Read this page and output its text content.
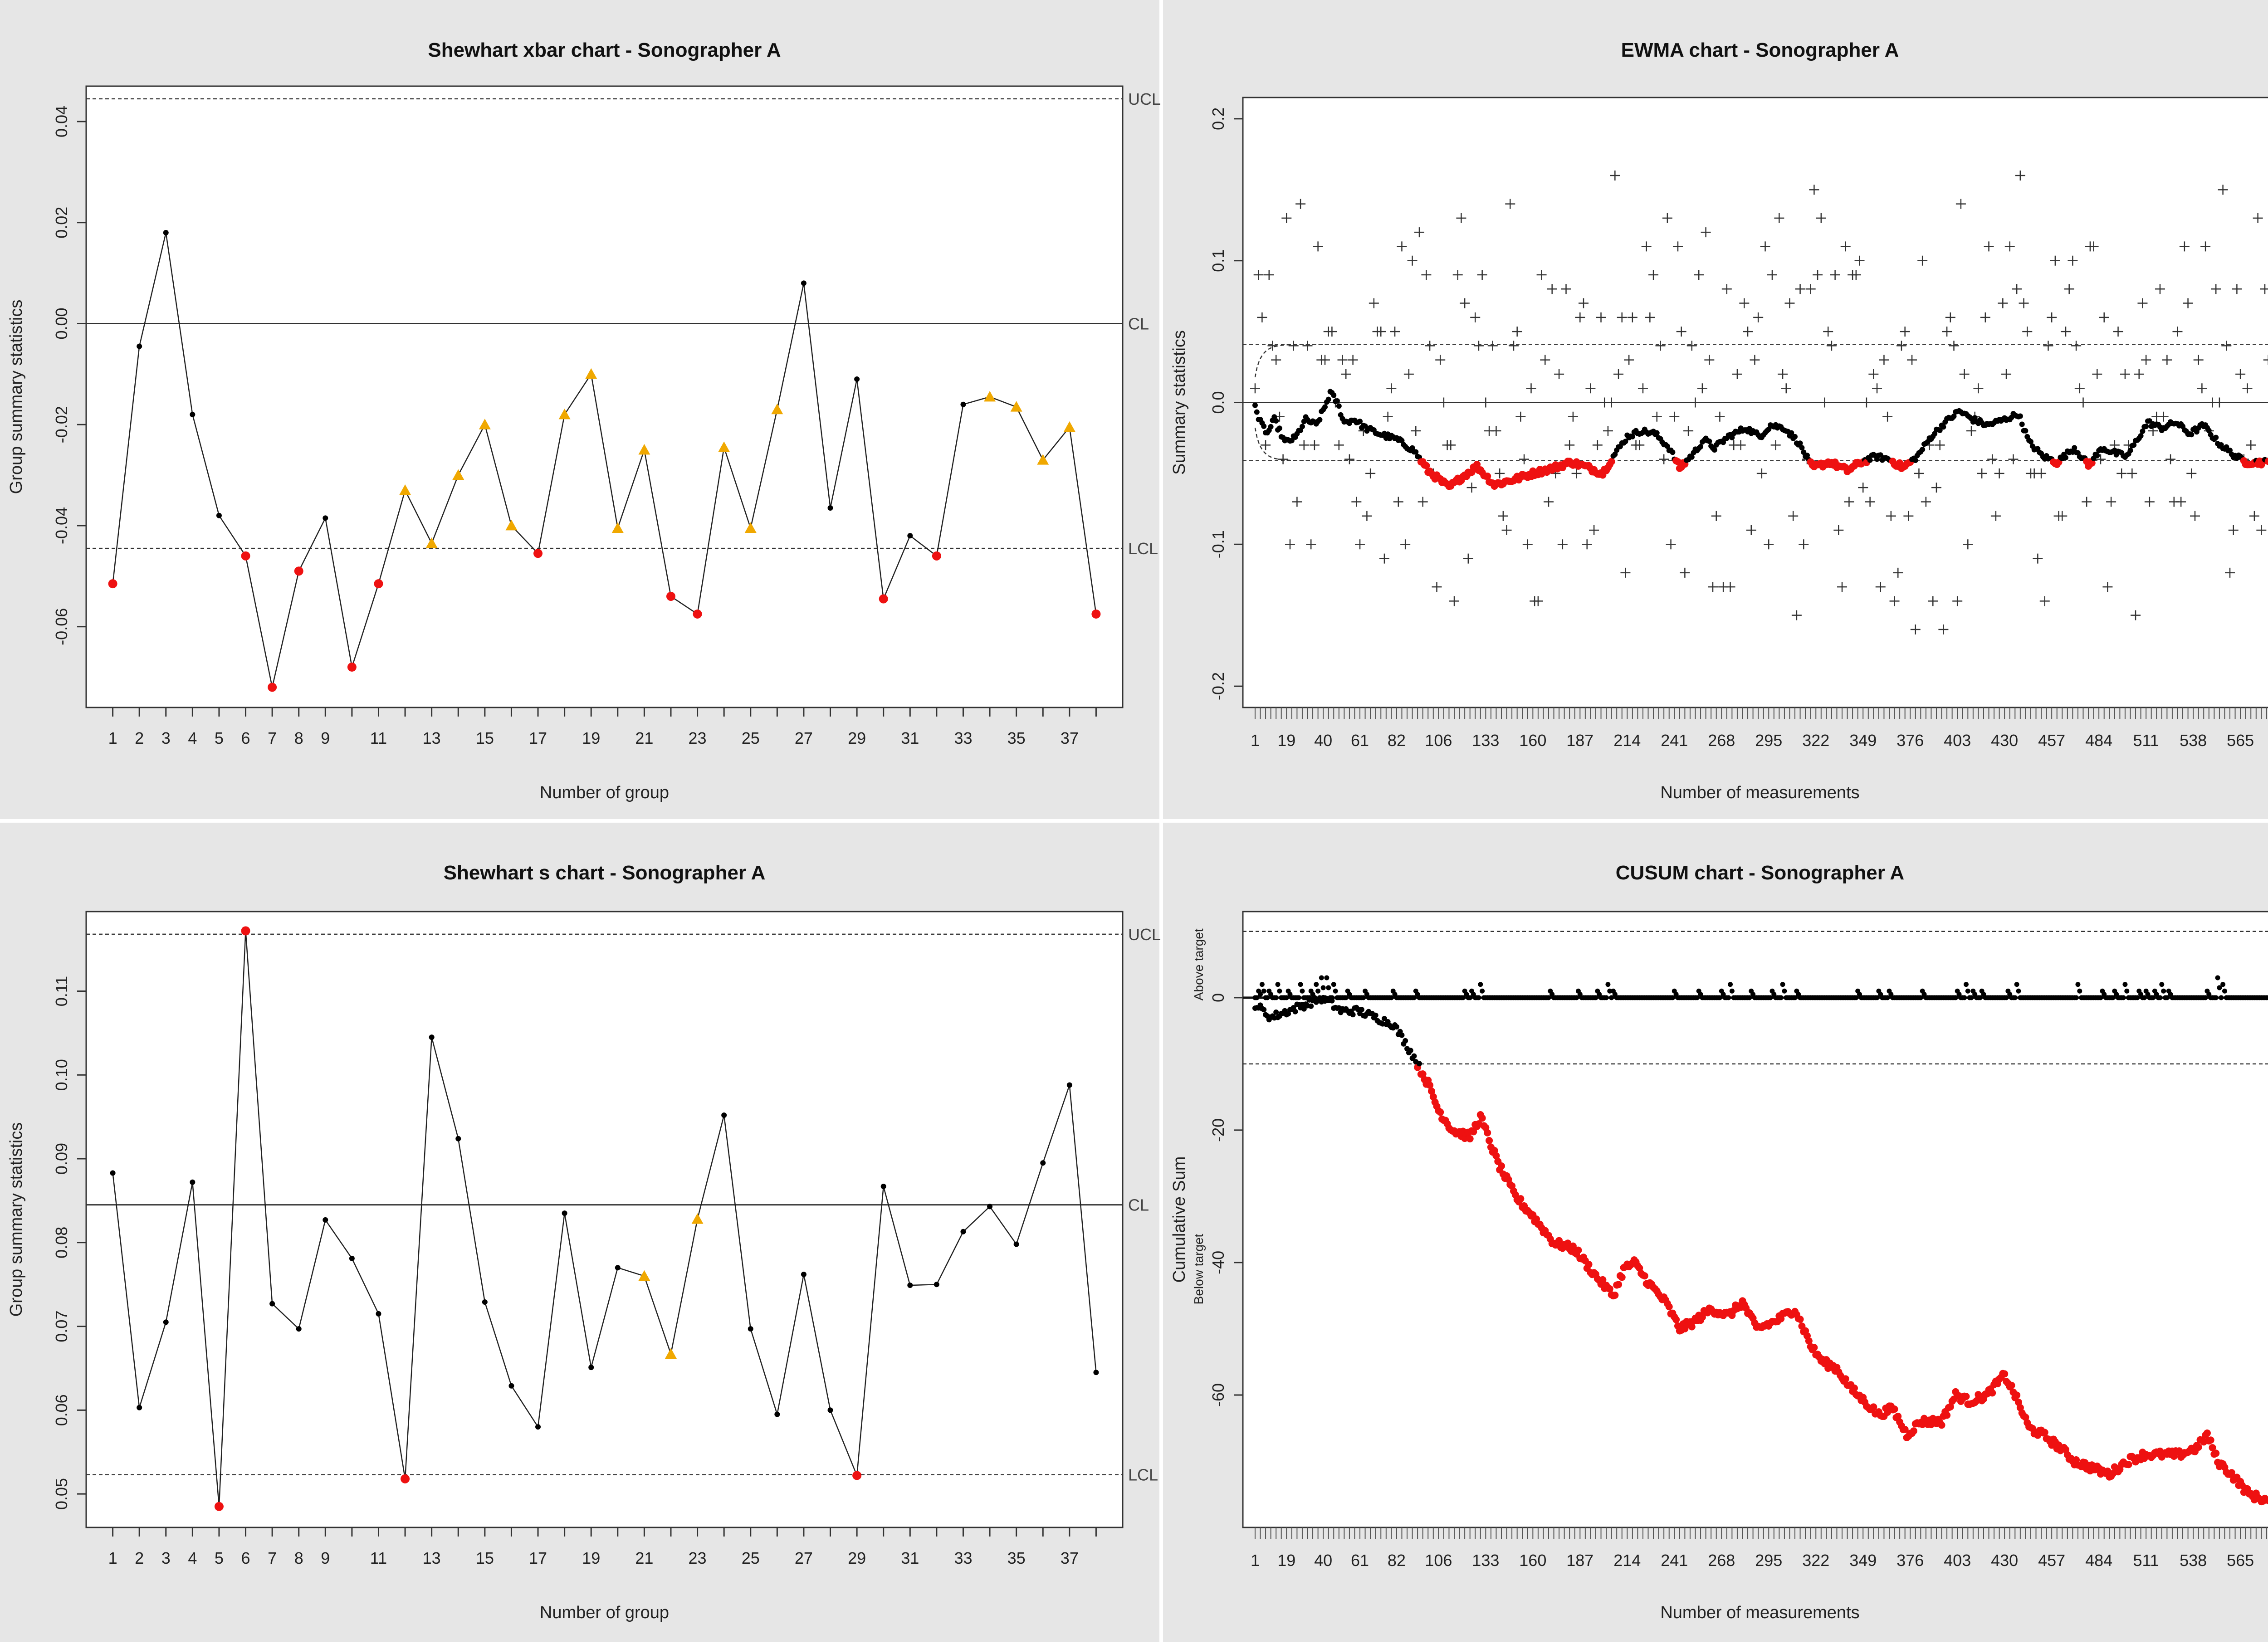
Shewhart xbar chart - Sonographer A
Number of group
Group summary statistics
-0.06
-0.04
-0.02
0.00
0.02
0.04
1 2 3 4 5 6 7 8 9 11 13 15 17 19 21 23 25 27 29 31 33 35 37
UCL
CL
LCL
EWMA chart - Sonographer A
Number of measurements
Summary statistics
-0.2
-0.1
0.0
0.1
0.2
1 19 40 61 82 106 133 160 187 214 241 268 295 322 349 376 403 430 457 484 511 538 565
Shewhart s chart - Sonographer A
Number of group
Group summary statistics
0.05
0.06
0.07
0.08
0.09
0.10
0.11
1 2 3 4 5 6 7 8 9 11 13 15 17 19 21 23 25 27 29 31 33 35 37
UCL
CL
LCL
CUSUM chart - Sonographer A
Number of measurements
Cumulative Sum
-60
-40
-20
0
1 19 40 61 82 106 133 160 187 214 241 268 295 322 349 376 403 430 457 484 511 538 565
Above target
Below target
